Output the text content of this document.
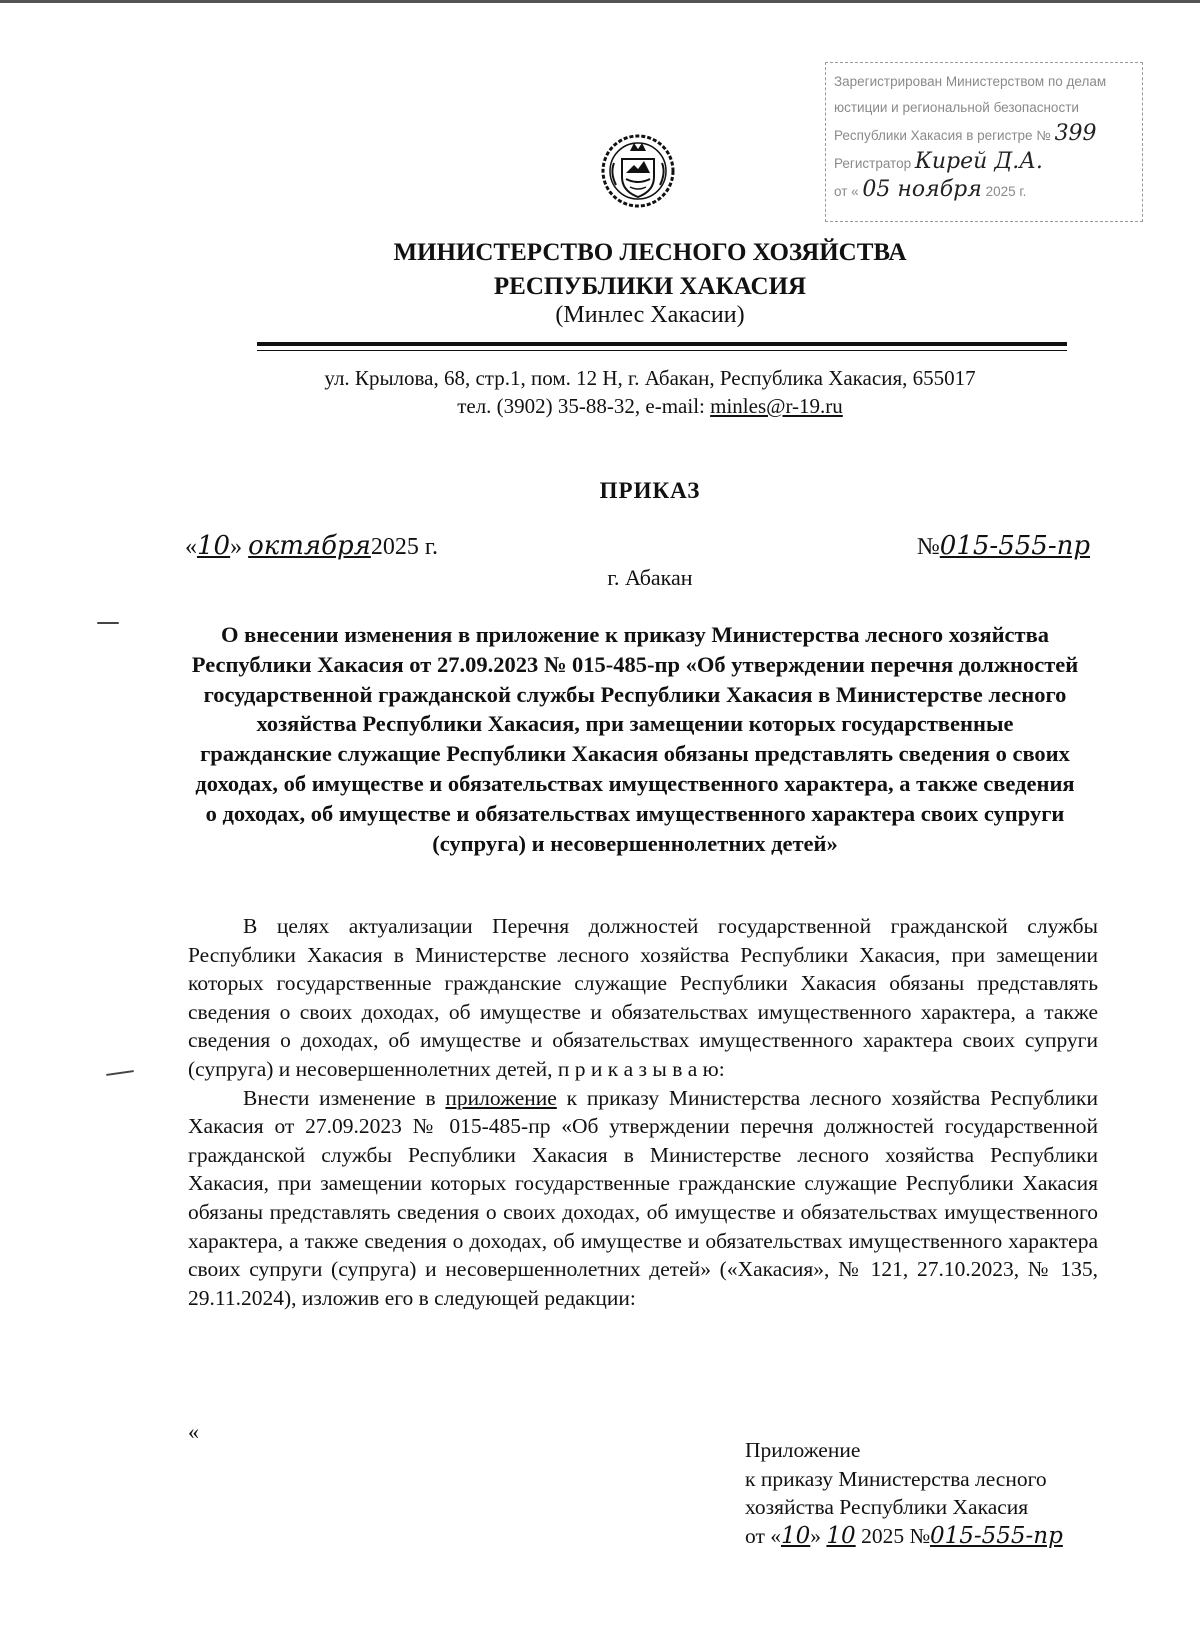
Зарегистрирован Министерством по делам
юстиции и региональной безопасности
Республики Хакасия в регистре № 399
Регистратор Кирей Д.А.
от « 05 ноября 2025 г.
МИНИСТЕРСТВО ЛЕСНОГО ХОЗЯЙСТВА
РЕСПУБЛИКИ ХАКАСИЯ
(Минлес Хакасии)
ул. Крылова, 68, стр.1, пом. 12 Н, г. Абакан, Республика Хакасия, 655017
тел. (3902) 35-88-32, e-mail: minles@r-19.ru
ПРИКАЗ
«10» октября2025 г.	№015-555-пр
г. Абакан
О внесении изменения в приложение к приказу Министерства лесного хозяйства Республики Хакасия от 27.09.2023 № 015-485-пр «Об утверждении перечня должностей государственной гражданской службы Республики Хакасия в Министерстве лесного хозяйства Республики Хакасия, при замещении которых государственные гражданские служащие Республики Хакасия обязаны представлять сведения о своих доходах, об имуществе и обязательствах имущественного характера, а также сведения о доходах, об имуществе и обязательствах имущественного характера своих супруги (супруга) и несовершеннолетних детей»

В целях актуализации Перечня должностей государственной гражданской службы Республики Хакасия в Министерстве лесного хозяйства Республики Хакасия, при замещении которых государственные гражданские служащие Республики Хакасия обязаны представлять сведения о своих доходах, об имуществе и обязательствах имущественного характера, а также сведения о доходах, об имуществе и обязательствах имущественного характера своих супруги (супруга) и несовершеннолетних детей, п р и к а з ы в а ю:

Внести изменение в приложение к приказу Министерства лесного хозяйства Республики Хакасия от 27.09.2023 № 015-485-пр «Об утверждении перечня должностей государственной гражданской службы Республики Хакасия в Министерстве лесного хозяйства Республики Хакасия, при замещении которых государственные гражданские служащие Республики Хакасия обязаны представлять сведения о своих доходах, об имуществе и обязательствах имущественного характера, а также сведения о доходах, об имуществе и обязательствах имущественного характера своих супруги (супруга) и несовершеннолетних детей» («Хакасия», № 121, 27.10.2023, № 135, 29.11.2024), изложив его в следующей редакции:

«
Приложение
к приказу Министерства лесного
хозяйства Республики Хакасия
от «10» 10 2025 №015-555-пр
